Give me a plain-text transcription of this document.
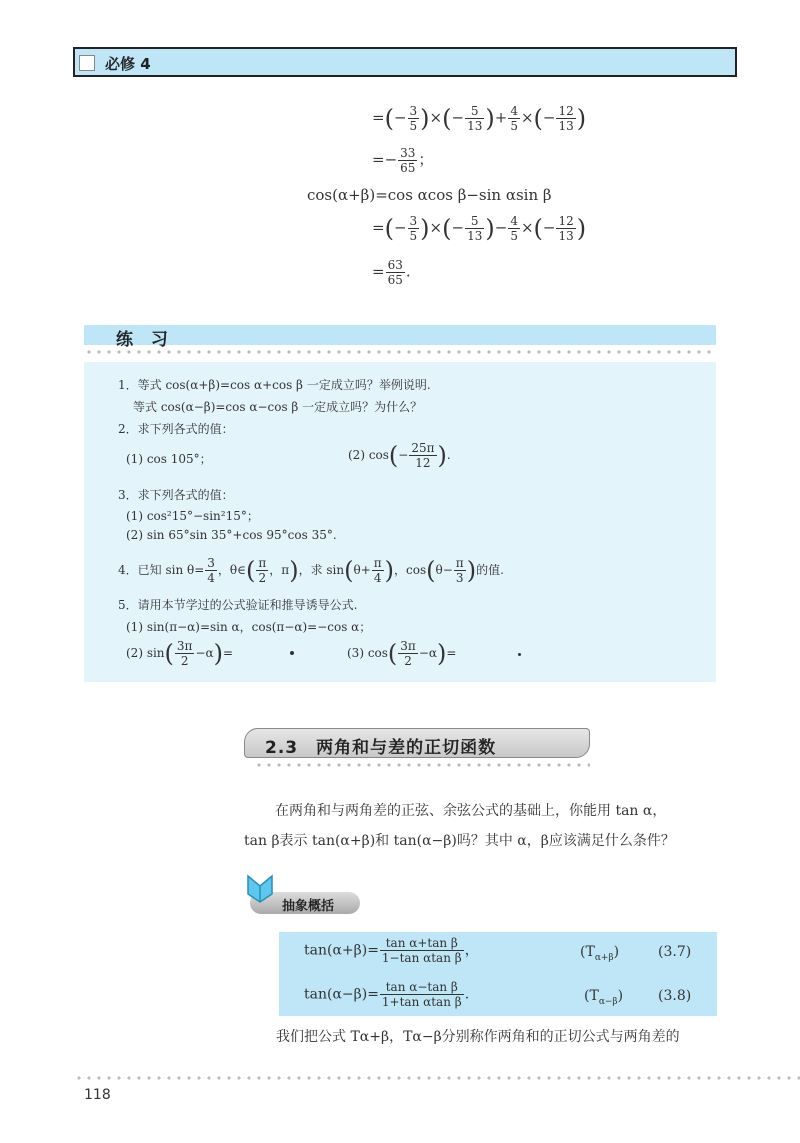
必修 4
=(− $\frac{3}{5}$ )×(− $\frac{5}{13}$ )+ $\frac{4}{5}$ ×(− $\frac{12}{13}$ )
=− $\frac{33}{65}$ ；
cos(α+β)=cos αcos β−sin αsin β
=(− $\frac{3}{5}$ )×(− $\frac{5}{13}$ )− $\frac{4}{5}$ ×(− $\frac{12}{13}$ )
= $\frac{63}{65}$ .
练 习
1．等式 cos(α+β)=cos α+cos β 一定成立吗？举例说明.
等式 cos(α−β)=cos α−cos β 一定成立吗？为什么？
2．求下列各式的值：
(1) cos 105°；	(2) $\cos(- \frac{25\pi}{12}$ ).
3．求下列各式的值：
(1) cos²15°−sin²15°；
(2) sin 65°sin 35°+cos 95°cos 35°.
4．已知 $\sin \theta= \frac{3}{4}$ ，θ∈( $\frac{\pi}{2}$ ，π)，求 $\sin(\theta+ \frac{\pi}{4}$ )，$\cos(\theta- \frac{\pi}{3}$ )的值.
5．请用本节学过的公式验证和推导诱导公式.
(1) sin(π−α)=sin α，cos(π−α)=−cos α；
(2) $\sin( \frac{3\pi}{2} -\alpha)=$	(3) $\cos( \frac{3\pi}{2} -\alpha)=$
2.3　两角和与差的正切函数
在两角和与两角差的正弦、余弦公式的基础上，你能用 tan α，
tan β表示 tan(α+β)和 tan(α−β)吗？其中 α，β应该满足什么条件？
抽象概括
$\tan(\alpha+\beta)= \frac{\text{tan α+tan β}}{\text{1−tan αtan β}}$ ，	$(T_{\alpha+\beta})$	(3.7)
$\tan(\alpha-\beta)= \frac{\text{tan α−tan β}}{\text{1+tan αtan β}}$ .	$(T_{\alpha-\beta})$ (3.8)
我们把公式 Tα+β，Tα−β分别称作两角和的正切公式与两角差的
118
